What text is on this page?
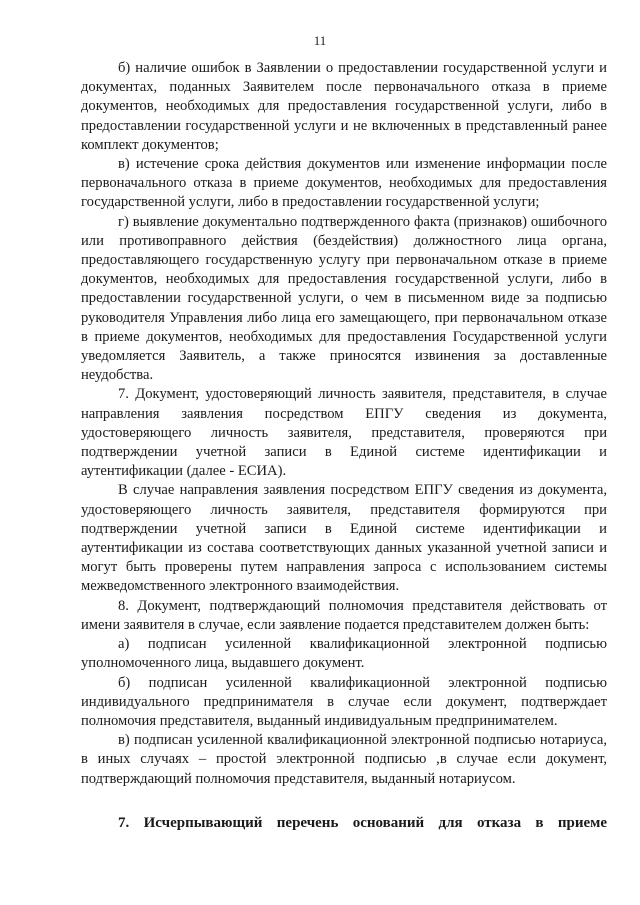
11

б) наличие ошибок в Заявлении о предоставлении государственной услуги и документах, поданных Заявителем после первоначального отказа в приеме документов, необходимых для предоставления государственной услуги, либо в предоставлении государственной услуги и не включенных в представленный ранее комплект документов;

в) истечение срока действия документов или изменение информации после первоначального отказа в приеме документов, необходимых для предоставления государственной услуги, либо в предоставлении государственной услуги;

г) выявление документально подтвержденного факта (признаков) ошибочного или противоправного действия (бездействия) должностного лица органа, предоставляющего государственную услугу при первоначальном отказе в приеме документов, необходимых для предоставления государственной услуги, либо в предоставлении государственной услуги, о чем в письменном виде за подписью руководителя Управления либо лица его замещающего, при первоначальном отказе в приеме документов, необходимых для предоставления Государственной услуги уведомляется Заявитель, а также приносятся извинения за доставленные неудобства.

7. Документ, удостоверяющий личность заявителя, представителя, в случае направления заявления посредством ЕПГУ сведения из документа, удостоверяющего личность заявителя, представителя, проверяются при подтверждении учетной записи в Единой системе идентификации и аутентификации (далее - ЕСИА).

В случае направления заявления посредством ЕПГУ сведения из документа, удостоверяющего личность заявителя, представителя формируются при подтверждении учетной записи в Единой системе идентификации и аутентификации из состава соответствующих данных указанной учетной записи и могут быть проверены путем направления запроса с использованием системы межведомственного электронного взаимодействия.

8. Документ, подтверждающий полномочия представителя действовать от имени заявителя в случае, если заявление подается представителем должен быть:

а) подписан усиленной квалификационной электронной подписью уполномоченного лица, выдавшего документ.

б) подписан усиленной квалификационной электронной подписью индивидуального предпринимателя в случае если документ, подтверждает полномочия представителя, выданный индивидуальным предпринимателем.

в) подписан усиленной квалификационной электронной подписью нотариуса, в иных случаях – простой электронной подписью ,в случае если документ, подтверждающий полномочия представителя, выданный нотариусом.

7. Исчерпывающий перечень оснований для отказа в приеме
